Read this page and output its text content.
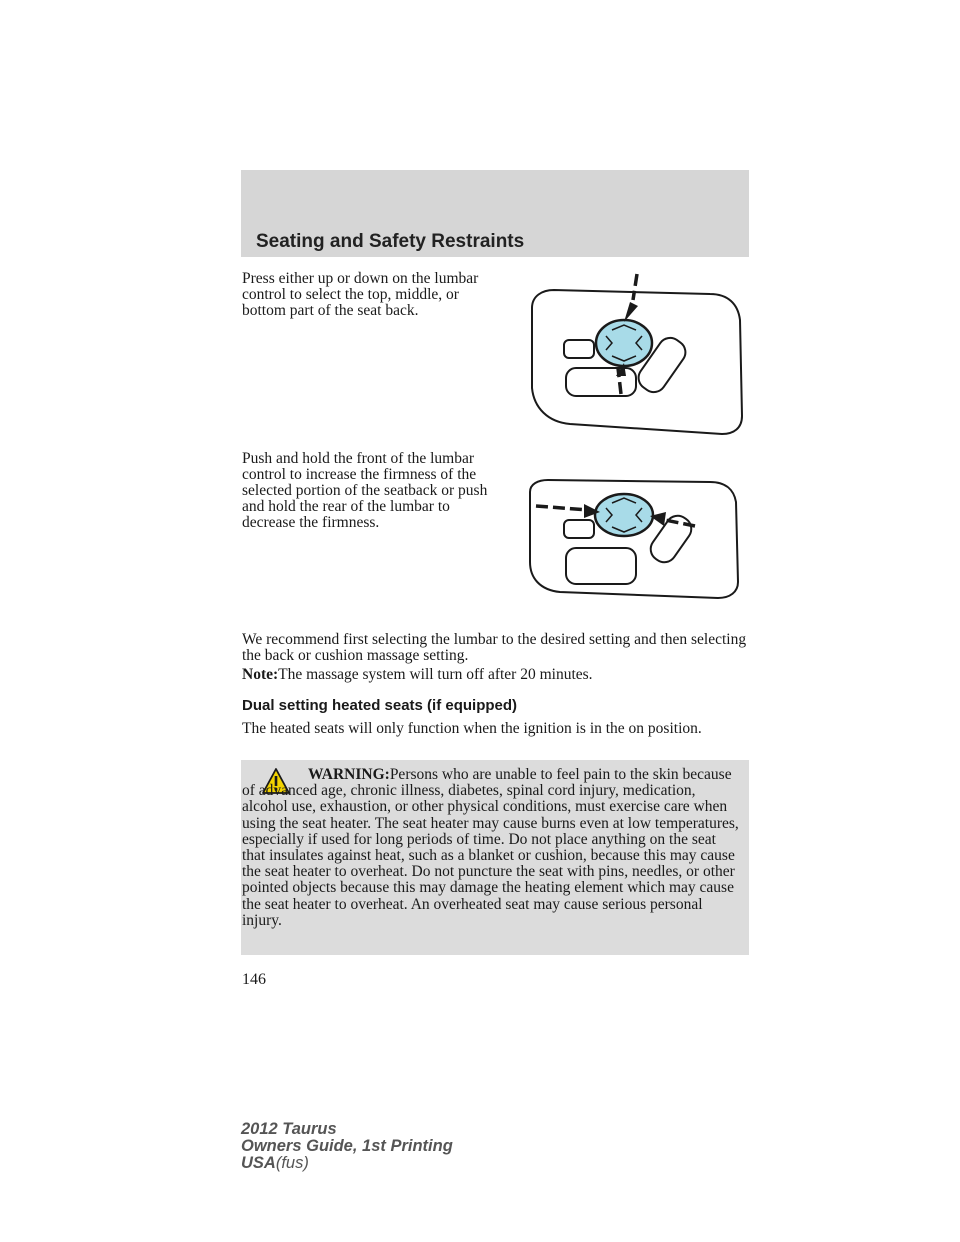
Seating and Safety Restraints

Press either up or down on the lumbar control to select the top, middle, or bottom part of the seat back.

Push and hold the front of the lumbar control to increase the firmness of the selected portion of the seatback or push and hold the rear of the lumbar to decrease the firmness.

We recommend first selecting the lumbar to the desired setting and then selecting the back or cushion massage setting.

Note:The massage system will turn off after 20 minutes.

Dual setting heated seats (if equipped)

The heated seats will only function when the ignition is in the on position.

WARNING:Persons who are unable to feel pain to the skin because of advanced age, chronic illness, diabetes, spinal cord injury, medication, alcohol use, exhaustion, or other physical conditions, must exercise care when using the seat heater. The seat heater may cause burns even at low temperatures, especially if used for long periods of time. Do not place anything on the seat that insulates against heat, such as a blanket or cushion, because this may cause the seat heater to overheat. Do not puncture the seat with pins, needles, or other pointed objects because this may damage the heating element which may cause the seat heater to overheat. An overheated seat may cause serious personal injury.

146
2012 Taurus
Owners Guide, 1st Printing
USA(fus)
